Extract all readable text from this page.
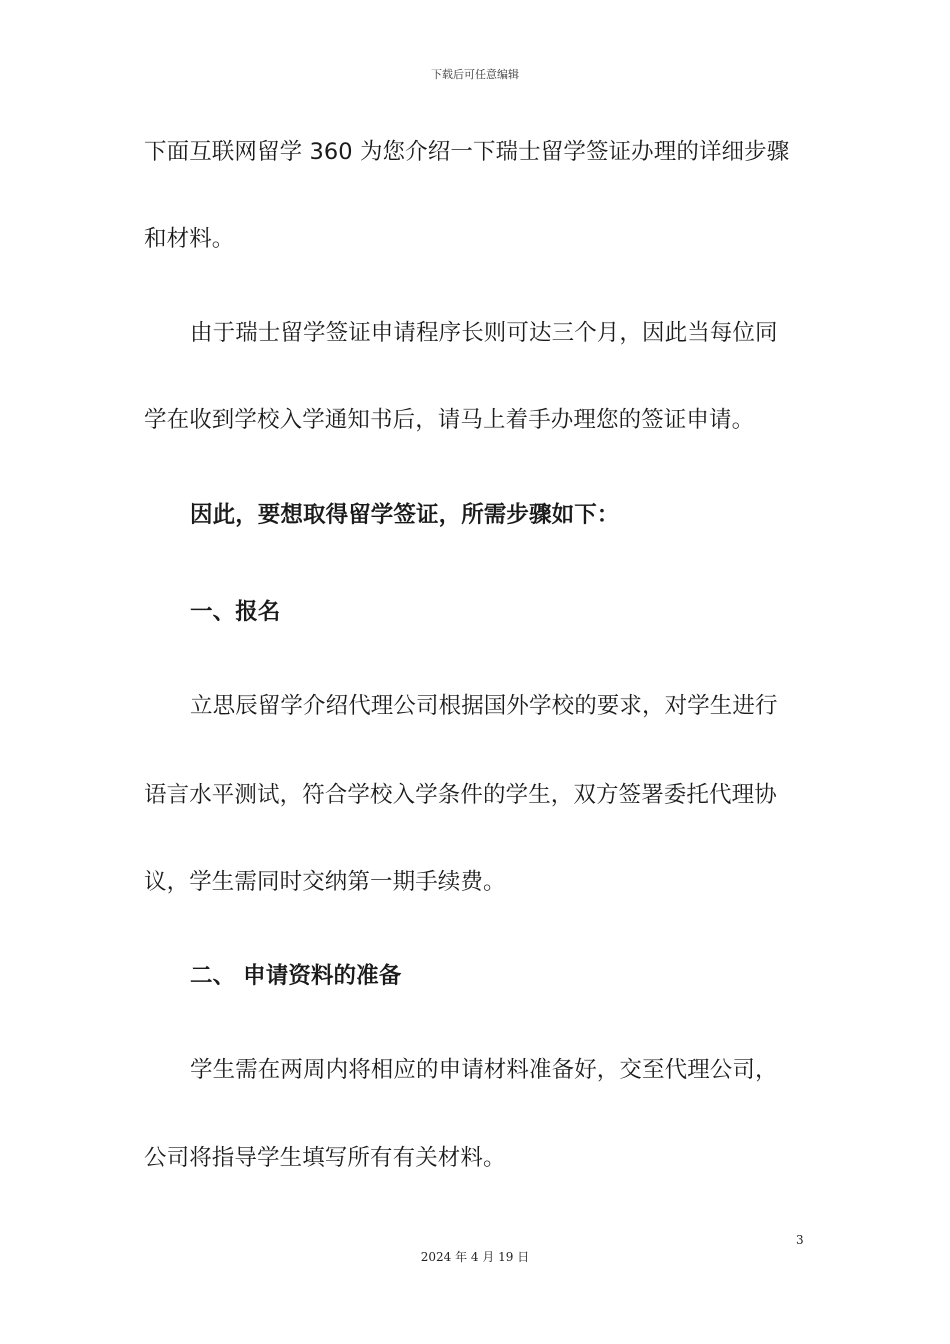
下载后可任意编辑
下面互联网留学 360 为您介绍一下瑞士留学签证办理的详细步骤
和材料。
由于瑞士留学签证申请程序长则可达三个月，因此当每位同
学在收到学校入学通知书后，请马上着手办理您的签证申请。
因此，要想取得留学签证，所需步骤如下：
一、报名
立思辰留学介绍代理公司根据国外学校的要求，对学生进行
语言水平测试，符合学校入学条件的学生，双方签署委托代理协
议，学生需同时交纳第一期手续费。
二、 申请资料的准备
学生需在两周内将相应的申请材料准备好，交至代理公司，
公司将指导学生填写所有有关材料。
3
2024 年 4 月 19 日
